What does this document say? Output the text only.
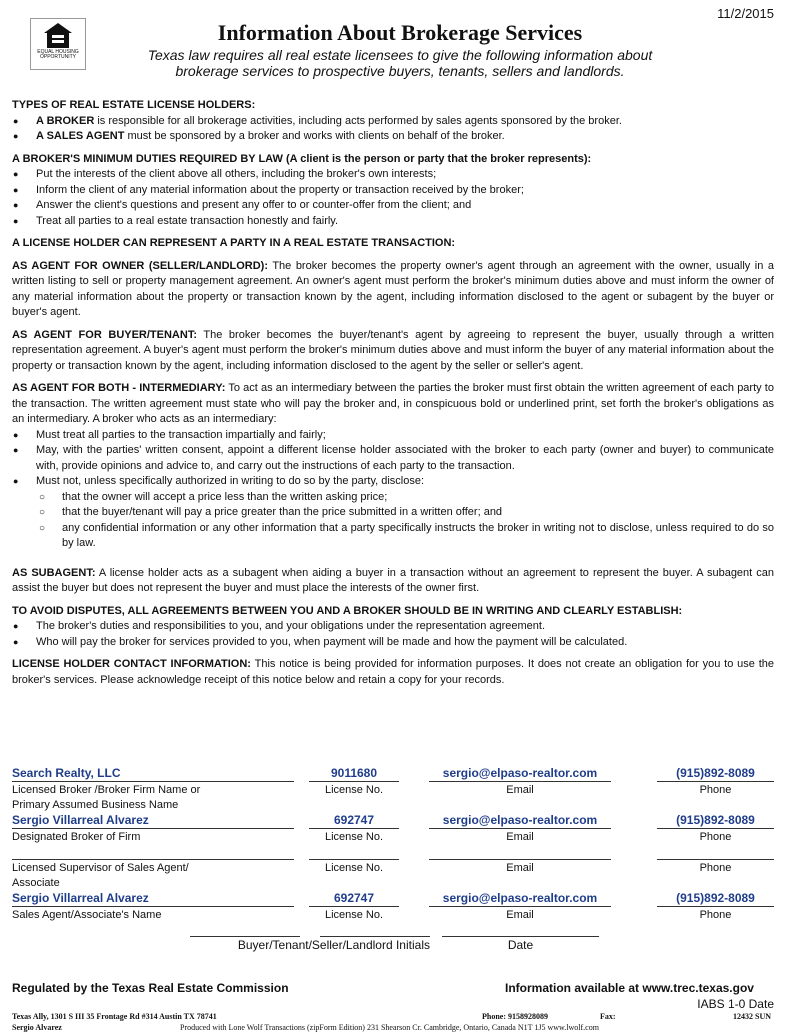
11/2/2015
EQUAL HOUSING
OPPORTUNITY
Information About Brokerage Services
Texas law requires all real estate licensees to give the following information about
brokerage services to prospective buyers, tenants, sellers and landlords.
TYPES OF REAL ESTATE LICENSE HOLDERS:
● A BROKER is responsible for all brokerage activities, including acts performed by sales agents sponsored by the broker.
● A SALES AGENT must be sponsored by a broker and works with clients on behalf of the broker.
A BROKER'S MINIMUM DUTIES REQUIRED BY LAW (A client is the person or party that the broker represents):
● Put the interests of the client above all others, including the broker's own interests;
● Inform the client of any material information about the property or transaction received by the broker;
● Answer the client's questions and present any offer to or counter-offer from the client; and
● Treat all parties to a real estate transaction honestly and fairly.

A LICENSE HOLDER CAN REPRESENT A PARTY IN A REAL ESTATE TRANSACTION:

AS AGENT FOR OWNER (SELLER/LANDLORD): The broker becomes the property owner's agent through an agreement with the owner, usually in a written listing to sell or property management agreement. An owner's agent must perform the broker's minimum duties above and must inform the owner of any material information about the property or transaction known by the agent, including information disclosed to the agent or subagent by the buyer or buyer's agent.

AS AGENT FOR BUYER/TENANT: The broker becomes the buyer/tenant's agent by agreeing to represent the buyer, usually through a written representation agreement. A buyer's agent must perform the broker's minimum duties above and must inform the buyer of any material information about the property or transaction known by the agent, including information disclosed to the agent by the seller or seller's agent.

AS AGENT FOR BOTH - INTERMEDIARY: To act as an intermediary between the parties the broker must first obtain the written agreement of each party to the transaction. The written agreement must state who will pay the broker and, in conspicuous bold or underlined print, set forth the broker's obligations as an intermediary. A broker who acts as an intermediary:
● Must treat all parties to the transaction impartially and fairly;
● May, with the parties' written consent, appoint a different license holder associated with the broker to each party (owner and buyer) to communicate with, provide opinions and advice to, and carry out the instructions of each party to the transaction.
● Must not, unless specifically authorized in writing to do so by the party, disclose:
○ that the owner will accept a price less than the written asking price;
○ that the buyer/tenant will pay a price greater than the price submitted in a written offer; and
○ any confidential information or any other information that a party specifically instructs the broker in writing not to disclose, unless required to do so by law.

AS SUBAGENT: A license holder acts as a subagent when aiding a buyer in a transaction without an agreement to represent the buyer. A subagent can assist the buyer but does not represent the buyer and must place the interests of the owner first.

TO AVOID DISPUTES, ALL AGREEMENTS BETWEEN YOU AND A BROKER SHOULD BE IN WRITING AND CLEARLY ESTABLISH:
● The broker's duties and responsibilities to you, and your obligations under the representation agreement.
● Who will pay the broker for services provided to you, when payment will be made and how the payment will be calculated.

LICENSE HOLDER CONTACT INFORMATION: This notice is being provided for information purposes. It does not create an obligation for you to use the broker's services. Please acknowledge receipt of this notice below and retain a copy for your records.

Search Realty, LLC	9011680	sergio@elpaso-realtor.com	(915)892-8089
Licensed Broker /Broker Firm Name or
Primary Assumed Business Name
License No.	Email	Phone
Sergio Villarreal Alvarez	692747	sergio@elpaso-realtor.com	(915)892-8089
Designated Broker of Firm	License No.	Email	Phone
Licensed Supervisor of Sales Agent/
Associate
License No.	Email	Phone
Sergio Villarreal Alvarez	692747	sergio@elpaso-realtor.com	(915)892-8089
Sales Agent/Associate's Name	License No.	Email	Phone
Buyer/Tenant/Seller/Landlord Initials	Date
Regulated by the Texas Real Estate Commission	Information available at www.trec.texas.gov
IABS 1-0 Date
Texas Ally, 1301 S III 35 Frontage Rd #314 Austin TX 78741	Phone: 9158928089	Fax:	12432 SUN
Sergio Alvarez	Produced with Lone Wolf Transactions (zipForm Edition) 231 Shearson Cr. Cambridge, Ontario, Canada N1T 1J5 www.lwolf.com
